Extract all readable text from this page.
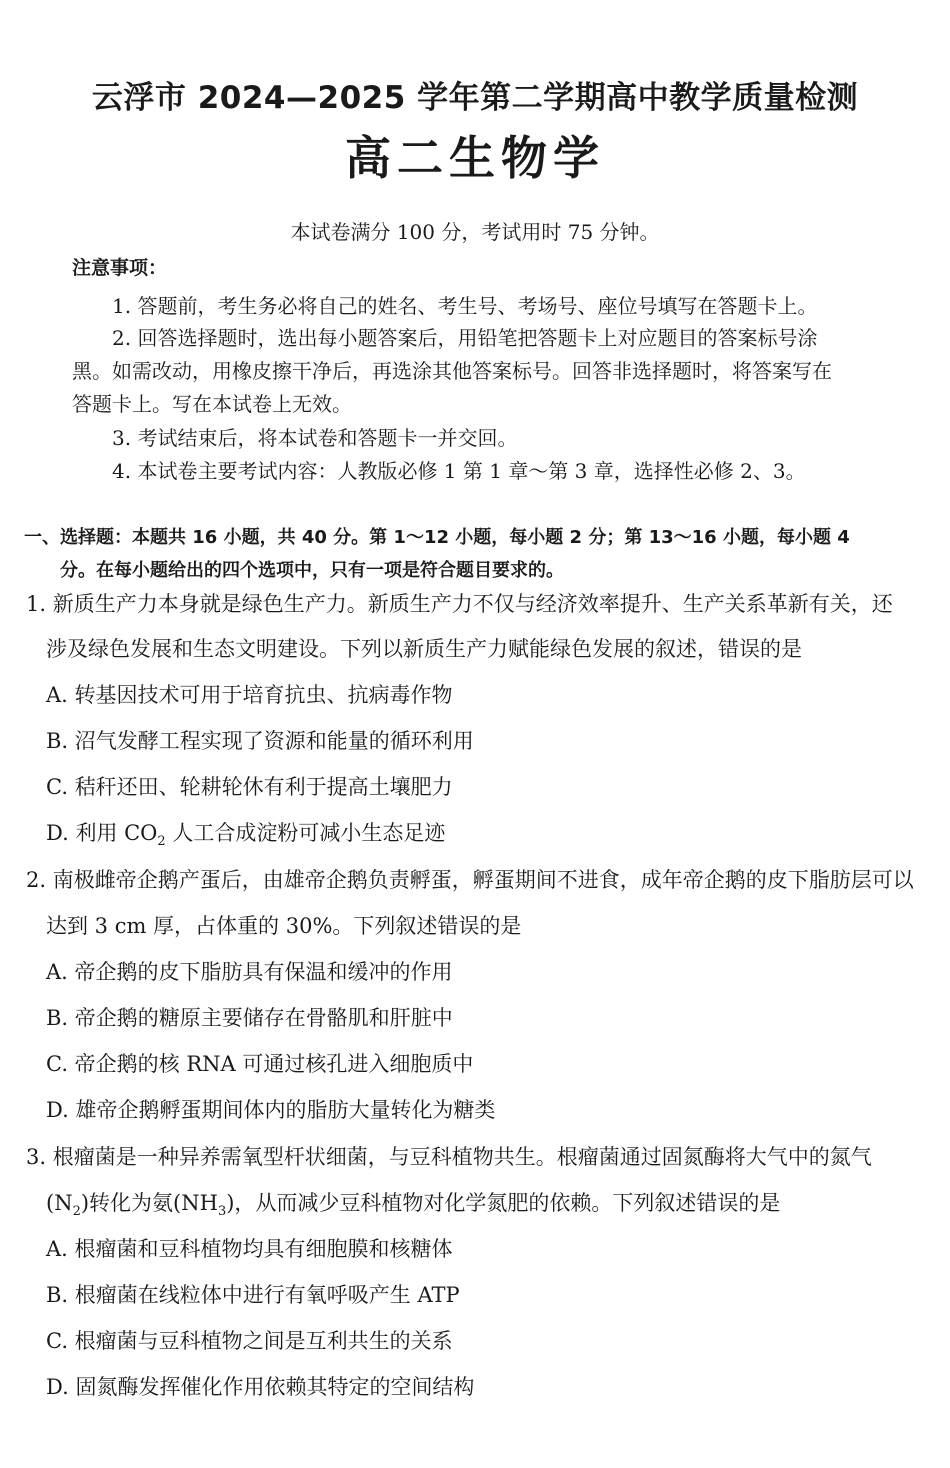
云浮市 2024—2025 学年第二学期高中教学质量检测
高二生物学
本试卷满分 100 分，考试用时 75 分钟。
注意事项：
1. 答题前，考生务必将自己的姓名、考生号、考场号、座位号填写在答题卡上。
2. 回答选择题时，选出每小题答案后，用铅笔把答题卡上对应题目的答案标号涂
黑。如需改动，用橡皮擦干净后，再选涂其他答案标号。回答非选择题时，将答案写在
答题卡上。写在本试卷上无效。
3. 考试结束后，将本试卷和答题卡一并交回。
4. 本试卷主要考试内容：人教版必修 1 第 1 章～第 3 章，选择性必修 2、3。
一、选择题：本题共 16 小题，共 40 分。第 1～12 小题，每小题 2 分；第 13～16 小题，每小题 4
分。在每小题给出的四个选项中，只有一项是符合题目要求的。
1. 新质生产力本身就是绿色生产力。新质生产力不仅与经济效率提升、生产关系革新有关，还
涉及绿色发展和生态文明建设。下列以新质生产力赋能绿色发展的叙述，错误的是
A. 转基因技术可用于培育抗虫、抗病毒作物
B. 沼气发酵工程实现了资源和能量的循环利用
C. 秸秆还田、轮耕轮休有利于提高土壤肥力
D. 利用 $CO_2$ 人工合成淀粉可减小生态足迹
2. 南极雌帝企鹅产蛋后，由雄帝企鹅负责孵蛋，孵蛋期间不进食，成年帝企鹅的皮下脂肪层可以
达到 3 cm 厚，占体重的 30%。下列叙述错误的是
A. 帝企鹅的皮下脂肪具有保温和缓冲的作用
B. 帝企鹅的糖原主要储存在骨骼肌和肝脏中
C. 帝企鹅的核 RNA 可通过核孔进入细胞质中
D. 雄帝企鹅孵蛋期间体内的脂肪大量转化为糖类
3. 根瘤菌是一种异养需氧型杆状细菌，与豆科植物共生。根瘤菌通过固氮酶将大气中的氮气
$(N_2)$转化为氨$(NH_3)$，从而减少豆科植物对化学氮肥的依赖。下列叙述错误的是
A. 根瘤菌和豆科植物均具有细胞膜和核糖体
B. 根瘤菌在线粒体中进行有氧呼吸产生 ATP
C. 根瘤菌与豆科植物之间是互利共生的关系
D. 固氮酶发挥催化作用依赖其特定的空间结构
